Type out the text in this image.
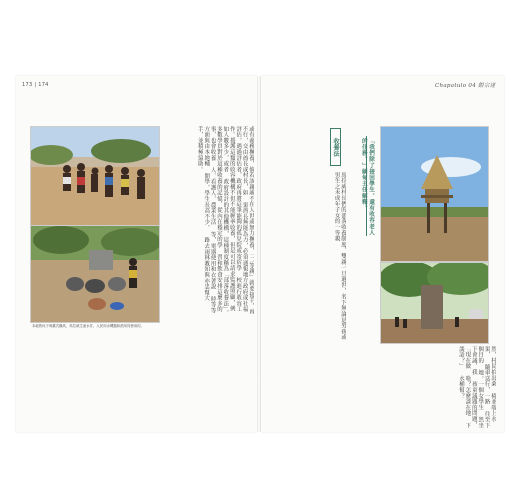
173 | 174	Chapatulo 04 銀宗達
本地的孩子與舊式鍋具，馬拉威生產水井，人民用水機器和酒用具使用約。
或有義務撫養，倘若該親戚不在人世或無力撫養，「二等親」就要接手，再不行，交由酋長或村長，如 果酋長無能為力，必須通報地方政府或社福評估，遇過評估者，政府再將這筆能夠的孤兒院或寄宿學 校進行收容工作。援護這類的收容機構不但不能輕率收養，但是可以請求監護照顧，例如人數多少，或者 政府設計的其他機構，這種制度稱為「部落收養法」。多數學員對於這種收養的記憶，從內在穩定的學 習和飲食安排這麼多的事，也會收養 人、看護人、農業生活 等，電器使用和衣著說 時等等方面與由本地輔 開學，學生長高不少， 路去雨林教知與亦忠幫大 手，並積極協助。	收養法
馬拉威村長們的部落收養制度，雙親一旦過世，名下無論是男孩或男生之未成年子女的一等親	「我們除了接回學生，還有收容老人的任務。」緬甸主任解釋。
然，村民拍出桑 椅並端上水果， 隨車送行，一路 往至下個目的 地。一個女學生 然坐下會議，我 孩童議題的問題， 「現在做 啥？怎麼談在地 下談話？」 水桶幫？
